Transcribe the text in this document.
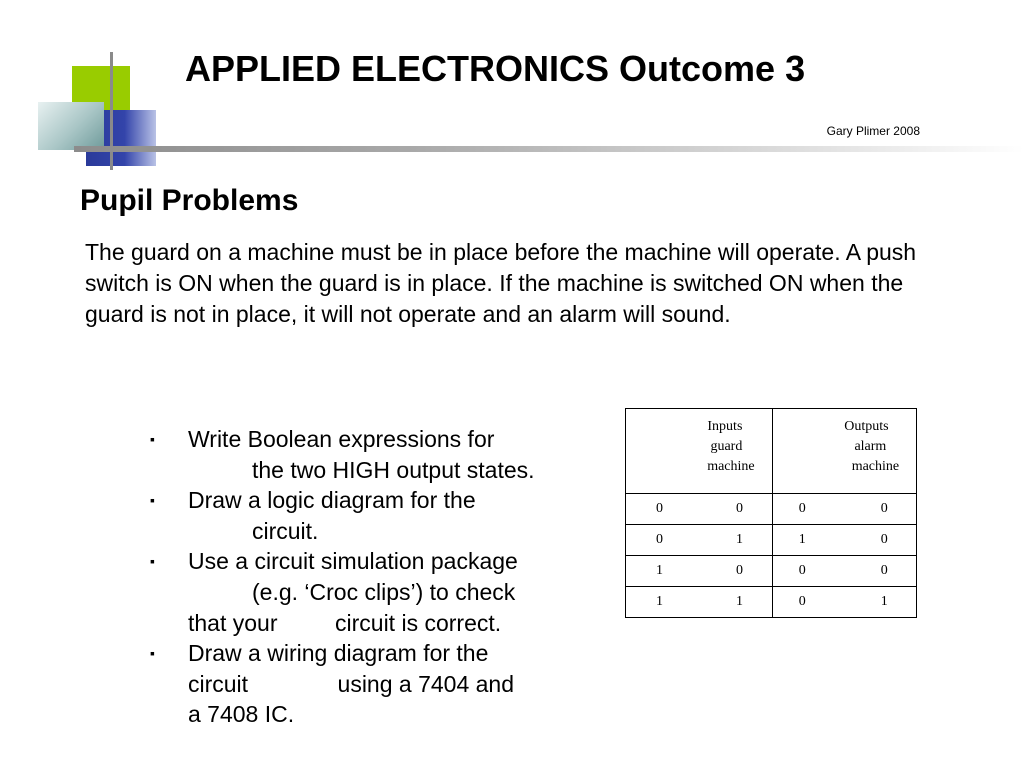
APPLIED ELECTRONICS Outcome 3
Gary Plimer 2008
Pupil Problems

The guard on a machine must be in place before the machine will operate. A push switch is ON when the guard is in place. If the machine is switched ON when the guard is not in place, it will not operate and an alarm will sound.

▪ Write Boolean expressions for
the two HIGH output states.
▪ Draw a logic diagram for the
circuit.
▪ Use a circuit simulation package
(e.g. ‘Croc clips’) to check
that your         circuit is correct.
▪ Draw a wiring diagram for the
circuit              using a 7404 and
a 7408 IC.
Inputs
guard
machine	Outputs
alarm
machine

0 0	0 0

0 1	1 0

1 0	0 0

1 1	0 1
